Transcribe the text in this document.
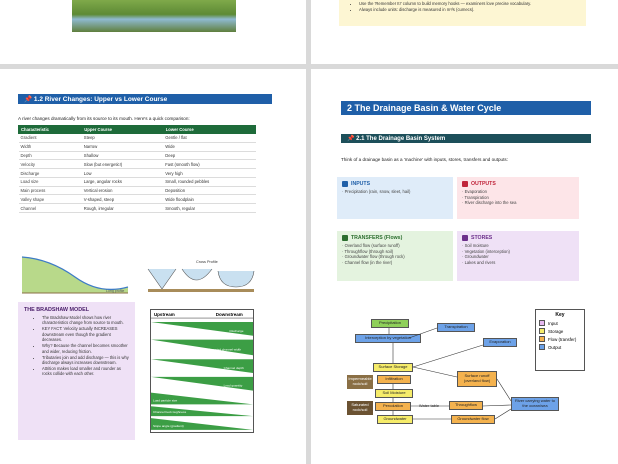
• Use the 'Remember It!' column to build memory hooks — examiners love precise vocabulary.
• Always include units: discharge is measured in m³/s (cumecs).
📌 1.2 River Changes: Upper vs Lower Course
A river changes dramatically from its source to its mouth. Here's a quick comparison:
Characteristic	Upper Course	Lower Course
Gradient	Steep	Gentle / flat
Width	Narrow	Wide
Depth	Shallow	Deep
Velocity	Slow (but energetic!)	Fast (smooth flow)
Discharge	Low	Very high
Load size	Large, angular rocks	Small, rounded pebbles
Main process	Vertical erosion	Deposition
Valley shape	V-shaped, steep	Wide floodplain
Channel	Rough, irregular	Smooth, regular
Long profile
Cross Profile
THE BRADSHAW MODEL
• The Bradshaw Model shows how river characteristics change from source to mouth.
• KEY FACT: Velocity actually INCREASES downstream even though the gradient decreases.
• Why? Because the channel becomes smoother and wider, reducing friction.
• Tributaries join and add discharge — this is why discharge always increases downstream.
• Attrition makes load smaller and rounder as rocks collide with each other.
Upstream	Downstream
Discharge
Occupied channel width
Channel depth
Load quantity
Load particle size
Channel bed roughness
Slope angle (gradient)
2 The Drainage Basin & Water Cycle
📌 2.1 The Drainage Basin System
Think of a drainage basin as a 'machine' with inputs, stores, transfers and outputs:
INPUTS
· Precipitation (rain, snow, sleet, hail)
OUTPUTS
· Evaporation
· Transpiration
· River discharge into the sea
TRANSFERS (Flows)
· Overland flow (surface runoff)
· Throughflow (through soil)
· Groundwater flow (through rock)
· Channel flow (in the river)
STORES
· Soil moisture
· Vegetation (interception)
· Groundwater
· Lakes and rivers
Precipitation
Interception by vegetation
Transpiration
Evaporation
Surface Storage
Infiltration
Surface runoff (overland flow)
Soil Moisture
Percolation	Water table	Throughflow
River carrying water to the ocean/sea
Groundwater	Groundwater flow
Impermeable rock/soil
Saturated rock/soil
Key
Input
Storage
Flow (transfer)
Output
